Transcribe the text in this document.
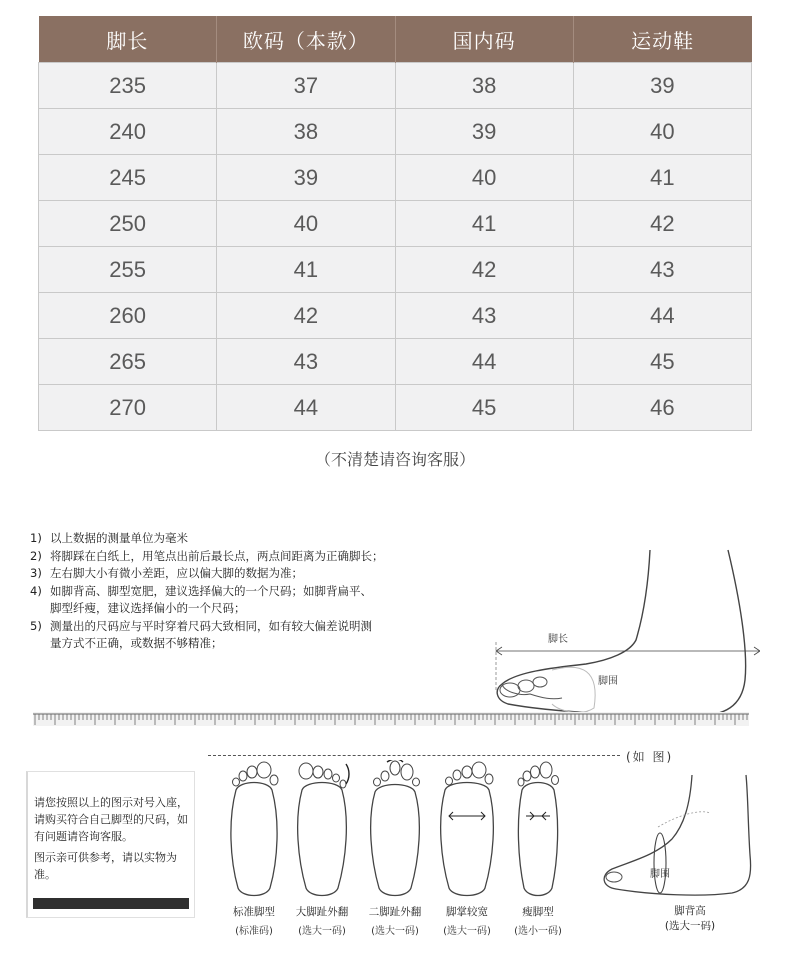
脚长	欧码（本款）	国内码	运动鞋
235	37	38	39
240	38	39	40
245	39	40	41
250	40	41	42
255	41	42	43
260	42	43	44
265	43	44	45
270	44	45	46
（不清楚请咨询客服）
1) 以上数据的测量单位为毫米
2) 将脚踩在白纸上，用笔点出前后最长点，两点间距离为正确脚长；
3) 左右脚大小有微小差距，应以偏大脚的数据为准；
4) 如脚背高、脚型宽肥，建议选择偏大的一个尺码；如脚背扁平、
脚型纤瘦，建议选择偏小的一个尺码；
5) 测量出的尺码应与平时穿着尺码大致相同，如有较大偏差说明测
量方式不正确，或数据不够精准；	脚长
脚围
(如 图)

请您按照以上的图示对号入座，请购买符合自己脚型的尺码，如有问题请咨询客服。

图示亲可供参考，请以实物为准。

标准脚型
(标准码)
大脚趾外翻
(选大一码)
二脚趾外翻
(选大一码)
脚掌较宽
(选大一码)
瘦脚型
(选小一码)
脚围
脚背高
(选大一码)
